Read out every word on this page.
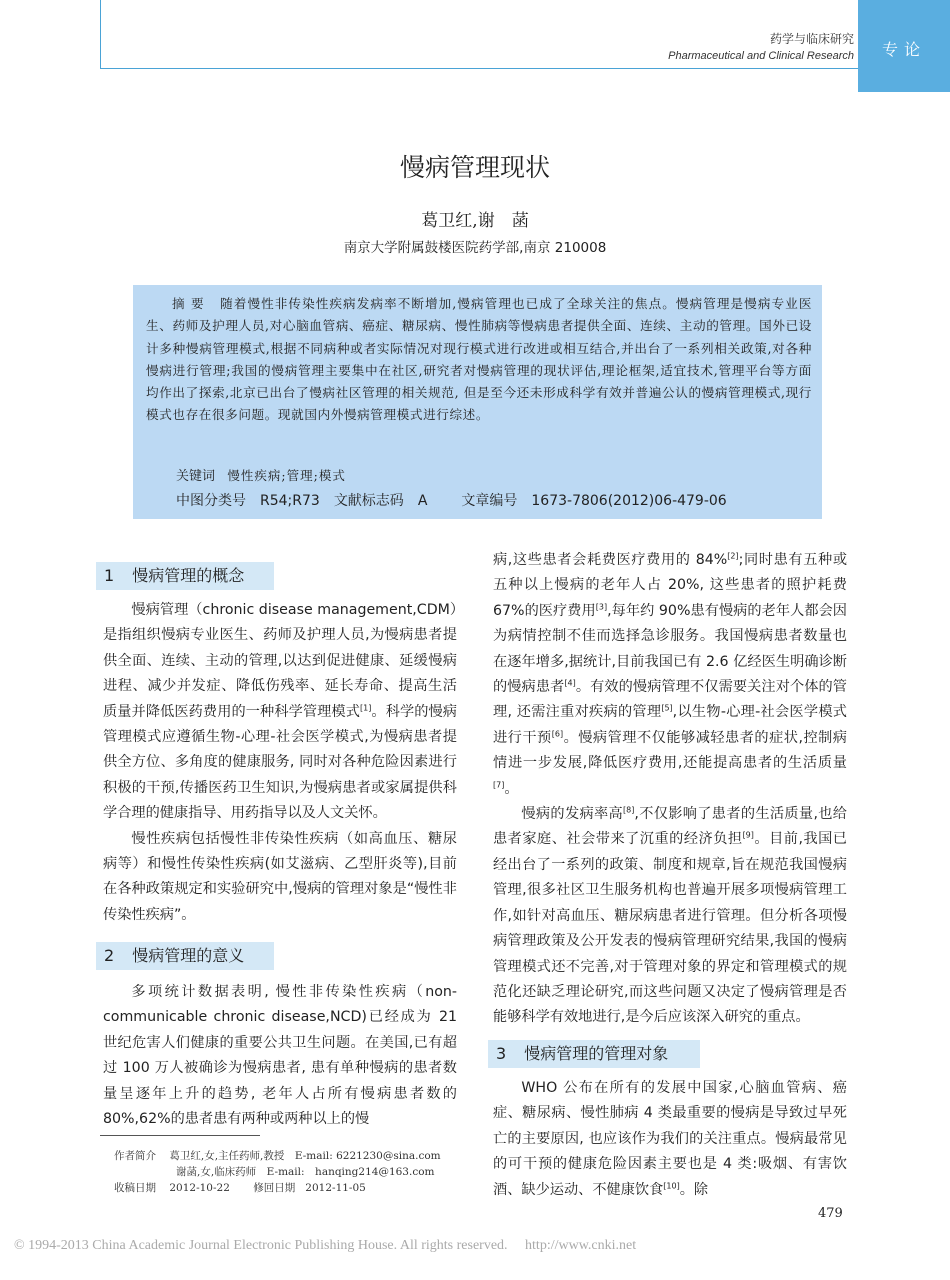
药学与临床研究
Pharmaceutical and Clinical Research	专论
慢病管理现状
葛卫红,谢　菡
南京大学附属鼓楼医院药学部,南京 210008
摘要 随着慢性非传染性疾病发病率不断增加,慢病管理也已成了全球关注的焦点。慢病管理是慢病专业医生、药师及护理人员,对心脑血管病、癌症、糖尿病、慢性肺病等慢病患者提供全面、连续、主动的管理。国外已设计多种慢病管理模式,根据不同病种或者实际情况对现行模式进行改进或相互结合,并出台了一系列相关政策,对各种慢病进行管理;我国的慢病管理主要集中在社区,研究者对慢病管理的现状评估,理论框架,适宜技术,管理平台等方面均作出了探索,北京已出台了慢病社区管理的相关规范, 但是至今还未形成科学有效并普遍公认的慢病管理模式,现行模式也存在很多问题。现就国内外慢病管理模式进行综述。
关键词 慢性疾病;管理;模式
中图分类号 R54;R73 文献标志码 A 文章编号 1673-7806(2012)06-479-06
1 慢病管理的概念

慢病管理（chronic disease management,CDM）是指组织慢病专业医生、药师及护理人员,为慢病患者提供全面、连续、主动的管理,以达到促进健康、延缓慢病进程、减少并发症、降低伤残率、延长寿命、提高生活质量并降低医药费用的一种科学管理模式[1]。科学的慢病管理模式应遵循生物-心理-社会医学模式,为慢病患者提供全方位、多角度的健康服务, 同时对各种危险因素进行积极的干预,传播医药卫生知识,为慢病患者或家属提供科学合理的健康指导、用药指导以及人文关怀。

慢性疾病包括慢性非传染性疾病（如高血压、糖尿病等）和慢性传染性疾病(如艾滋病、乙型肝炎等),目前在各种政策规定和实验研究中,慢病的管理对象是“慢性非传染性疾病”。

2 慢病管理的意义

多项统计数据表明, 慢性非传染性疾病（non-communicable chronic disease,NCD)已经成为 21 世纪危害人们健康的重要公共卫生问题。在美国,已有超过 100 万人被确诊为慢病患者, 患有单种慢病的患者数量呈逐年上升的趋势, 老年人占所有慢病患者数的 80%,62%的患者患有两种或两种以上的慢

病,这些患者会耗费医疗费用的 84%[2];同时患有五种或五种以上慢病的老年人占 20%, 这些患者的照护耗费 67%的医疗费用[3],每年约 90%患有慢病的老年人都会因为病情控制不佳而选择急诊服务。我国慢病患者数量也在逐年增多,据统计,目前我国已有 2.6 亿经医生明确诊断的慢病患者[4]。有效的慢病管理不仅需要关注对个体的管理, 还需注重对疾病的管理[5],以生物-心理-社会医学模式进行干预[6]。慢病管理不仅能够减轻患者的症状,控制病情进一步发展,降低医疗费用,还能提高患者的生活质量[7]。

慢病的发病率高[8],不仅影响了患者的生活质量,也给患者家庭、社会带来了沉重的经济负担[9]。目前,我国已经出台了一系列的政策、制度和规章,旨在规范我国慢病管理,很多社区卫生服务机构也普遍开展多项慢病管理工作,如针对高血压、糖尿病患者进行管理。但分析各项慢病管理政策及公开发表的慢病管理研究结果,我国的慢病管理模式还不完善,对于管理对象的界定和管理模式的规范化还缺乏理论研究,而这些问题又决定了慢病管理是否能够科学有效地进行,是今后应该深入研究的重点。

3 慢病管理的管理对象

WHO 公布在所有的发展中国家,心脑血管病、癌症、糖尿病、慢性肺病 4 类最重要的慢病是导致过早死亡的主要原因, 也应该作为我们的关注重点。慢病最常见的可干预的健康危险因素主要也是 4 类:吸烟、有害饮酒、缺少运动、不健康饮食[10]。除

作者简介 葛卫红,女,主任药师,教授　E-mail: 6221230@sina.com
谢菡,女,临床药师　E-mail:　hanqing214@163.com
收稿日期 2012-10-22 修回日期 2012-11-05
479
© 1994-2013 China Academic Journal Electronic Publishing House. All rights reserved.　 http://www.cnki.net
